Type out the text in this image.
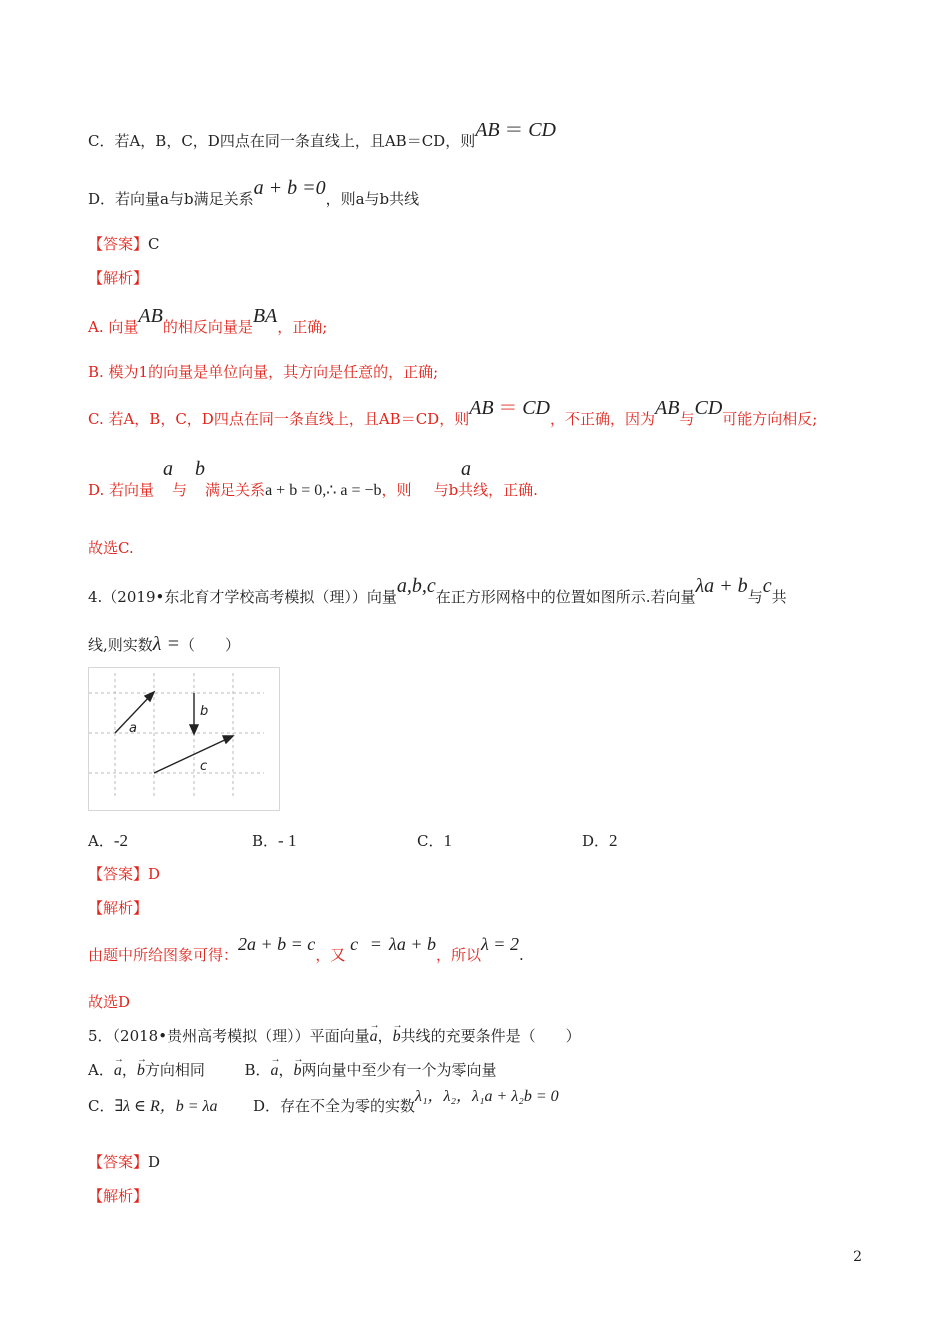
C．若A，B，C，D四点在同一条直线上，且AB＝CD，则AB ＝ CD
D．若向量a与b满足关系a + b =0，则a与b共线
【答案】C
【解析】
A. 向量AB的相反向量是BA，正确;
B. 模为1的向量是单位向量，其方向是任意的，正确;
C. 若A，B，C，D四点在同一条直线上，且AB＝CD，则AB ＝ CD，不正确，因为AB与CD可能方向相反;
a b	a
D. 若向量 与 满足关系a + b = 0,∴ a = −b，则 与b共线，正确.
故选C.
4.（2019•东北育才学校高考模拟（理））向量a,b,c在正方形网格中的位置如图所示.若向量λa + b与c共
线,则实数λ =（　　）
a
b
c
A．-2	B．- 1	C．1	D．2
【答案】D
【解析】
由题中所给图象可得：2a + b = c，又 c = λa + b，所以λ = 2.
故选D
5．（2018•贵州高考模拟（理））平面向量→ a，→ b共线的充要条件是（　　）
A．→ a，→ b方向相同	B．→ a，→ b两向量中至少有一个为零向量
C．∃λ ∈ R，b = λa D．存在不全为零的实数λ₁，λ₂，λ₁a + λ₂b = 0
【答案】D
【解析】
2
